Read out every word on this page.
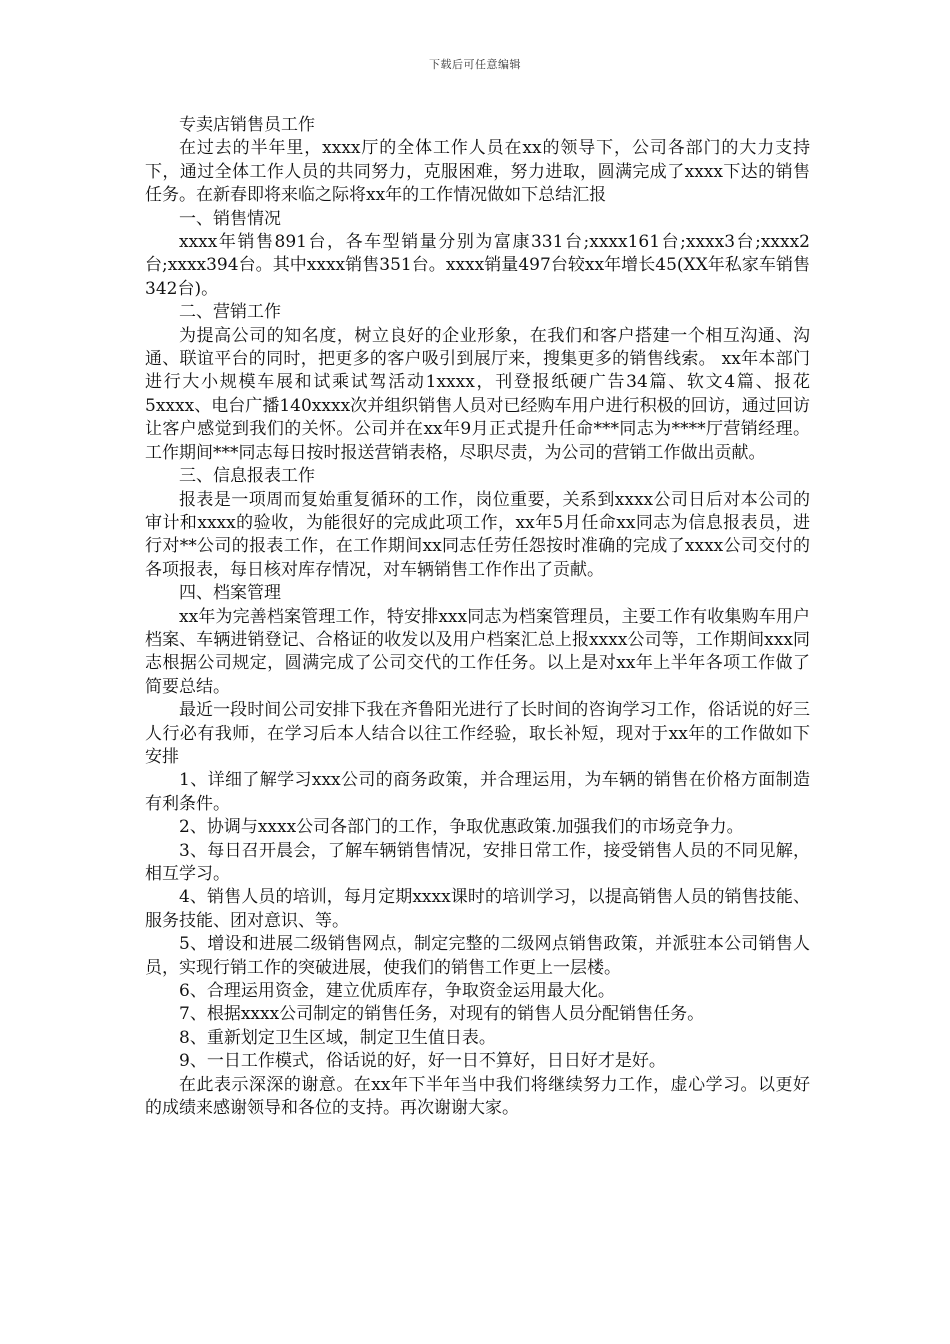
下载后可任意编辑

专卖店销售员工作

在过去的半年里，xxxx厅的全体工作人员在xx的领导下，公司各部门的大力支持下，通过全体工作人员的共同努力，克服困难，努力进取，圆满完成了xxxx下达的销售任务。在新春即将来临之际将xx年的工作情况做如下总结汇报

一、销售情况

xxxx年销售891台，各车型销量分别为富康331台;xxxx161台;xxxx3台;xxxx2台;xxxx394台。其中xxxx销售351台。xxxx销量497台较xx年增长45(XX年私家车销售342台)。

二、营销工作

为提高公司的知名度，树立良好的企业形象，在我们和客户搭建一个相互沟通、沟通、联谊平台的同时，把更多的客户吸引到展厅来，搜集更多的销售线索。 xx年本部门进行大小规模车展和试乘试驾活动1xxxx，刊登报纸硬广告34篇、软文4篇、报花5xxxx、电台广播140xxxx次并组织销售人员对已经购车用户进行积极的回访，通过回访让客户感觉到我们的关怀。公司并在xx年9月正式提升任命***同志为****厅营销经理。工作期间***同志每日按时报送营销表格，尽职尽责，为公司的营销工作做出贡献。

三、信息报表工作

报表是一项周而复始重复循环的工作，岗位重要，关系到xxxx公司日后对本公司的审计和xxxx的验收，为能很好的完成此项工作，xx年5月任命xx同志为信息报表员，进行对**公司的报表工作，在工作期间xx同志任劳任怨按时准确的完成了xxxx公司交付的各项报表，每日核对库存情况，对车辆销售工作作出了贡献。

四、档案管理

xx年为完善档案管理工作，特安排xxx同志为档案管理员，主要工作有收集购车用户档案、车辆进销登记、合格证的收发以及用户档案汇总上报xxxx公司等，工作期间xxx同志根据公司规定，圆满完成了公司交代的工作任务。以上是对xx年上半年各项工作做了简要总结。

最近一段时间公司安排下我在齐鲁阳光进行了长时间的咨询学习工作，俗话说的好三人行必有我师，在学习后本人结合以往工作经验，取长补短，现对于xx年的工作做如下安排

1、详细了解学习xxx公司的商务政策，并合理运用，为车辆的销售在价格方面制造有利条件。

2、协调与xxxx公司各部门的工作，争取优惠政策.加强我们的市场竞争力。

3、每日召开晨会，了解车辆销售情况，安排日常工作，接受销售人员的不同见解，相互学习。

4、销售人员的培训，每月定期xxxx课时的培训学习，以提高销售人员的销售技能、服务技能、团对意识、等。

5、增设和进展二级销售网点，制定完整的二级网点销售政策，并派驻本公司销售人员，实现行销工作的突破进展，使我们的销售工作更上一层楼。

6、合理运用资金，建立优质库存，争取资金运用最大化。

7、根据xxxx公司制定的销售任务，对现有的销售人员分配销售任务。

8、重新划定卫生区域，制定卫生值日表。

9、一日工作模式，俗话说的好，好一日不算好，日日好才是好。

在此表示深深的谢意。在xx年下半年当中我们将继续努力工作，虚心学习。以更好的成绩来感谢领导和各位的支持。再次谢谢大家。
